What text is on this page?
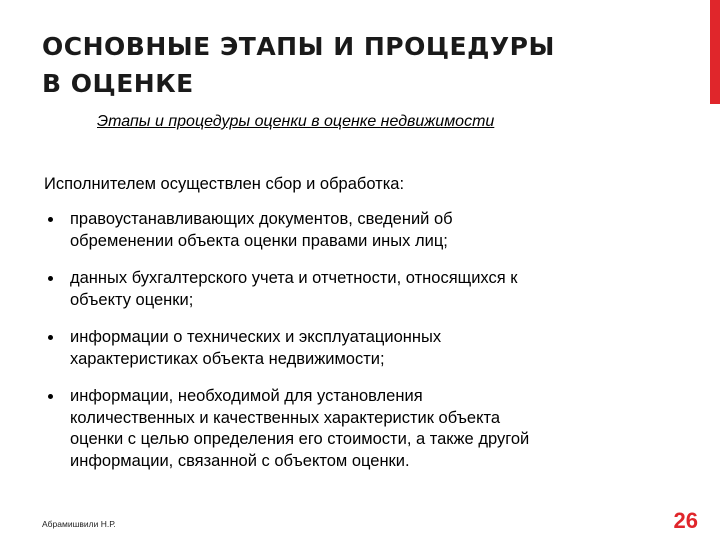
ОСНОВНЫЕ ЭТАПЫ И ПРОЦЕДУРЫ
В ОЦЕНКЕ
Этапы и процедуры оценки в оценке недвижимости
Исполнителем осуществлен сбор и обработка:
правоустанавливающих документов, сведений об
обременении объекта оценки правами иных лиц;
данных бухгалтерского учета и отчетности, относящихся к
объекту оценки;
информации о технических и эксплуатационных
характеристиках объекта недвижимости;
информации, необходимой для установления
количественных и качественных характеристик объекта
оценки с целью определения его стоимости, а также другой
информации, связанной с объектом оценки.
Абрамишвили Н.Р.	26
